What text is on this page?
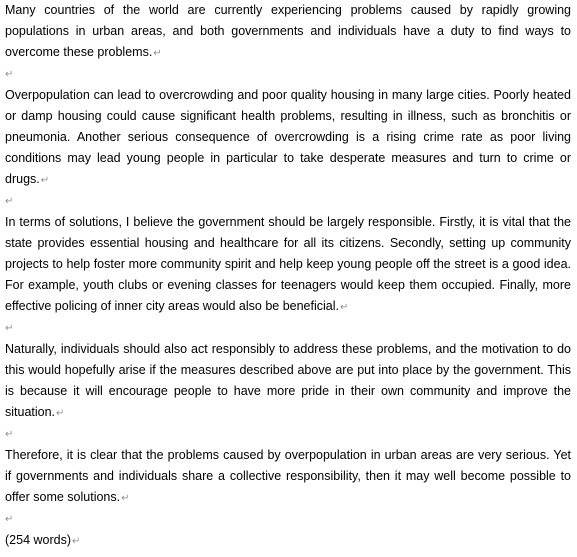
Many countries of the world are currently experiencing problems caused by rapidly growing populations in urban areas, and both governments and individuals have a duty to find ways to overcome these problems.↵

↵

Overpopulation can lead to overcrowding and poor quality housing in many large cities. Poorly heated or damp housing could cause significant health problems, resulting in illness, such as bronchitis or pneumonia. Another serious consequence of overcrowding is a rising crime rate as poor living conditions may lead young people in particular to take desperate measures and turn to crime or drugs.↵

↵

In terms of solutions, I believe the government should be largely responsible. Firstly, it is vital that the state provides essential housing and healthcare for all its citizens. Secondly, setting up community projects to help foster more community spirit and help keep young people off the street is a good idea. For example, youth clubs or evening classes for teenagers would keep them occupied. Finally, more effective policing of inner city areas would also be beneficial.↵

↵

Naturally, individuals should also act responsibly to address these problems, and the motivation to do this would hopefully arise if the measures described above are put into place by the government. This is because it will encourage people to have more pride in their own community and improve the situation.↵

↵

Therefore, it is clear that the problems caused by overpopulation in urban areas are very serious. Yet if governments and individuals share a collective responsibility, then it may well become possible to offer some solutions.↵

↵

(254 words)↵
